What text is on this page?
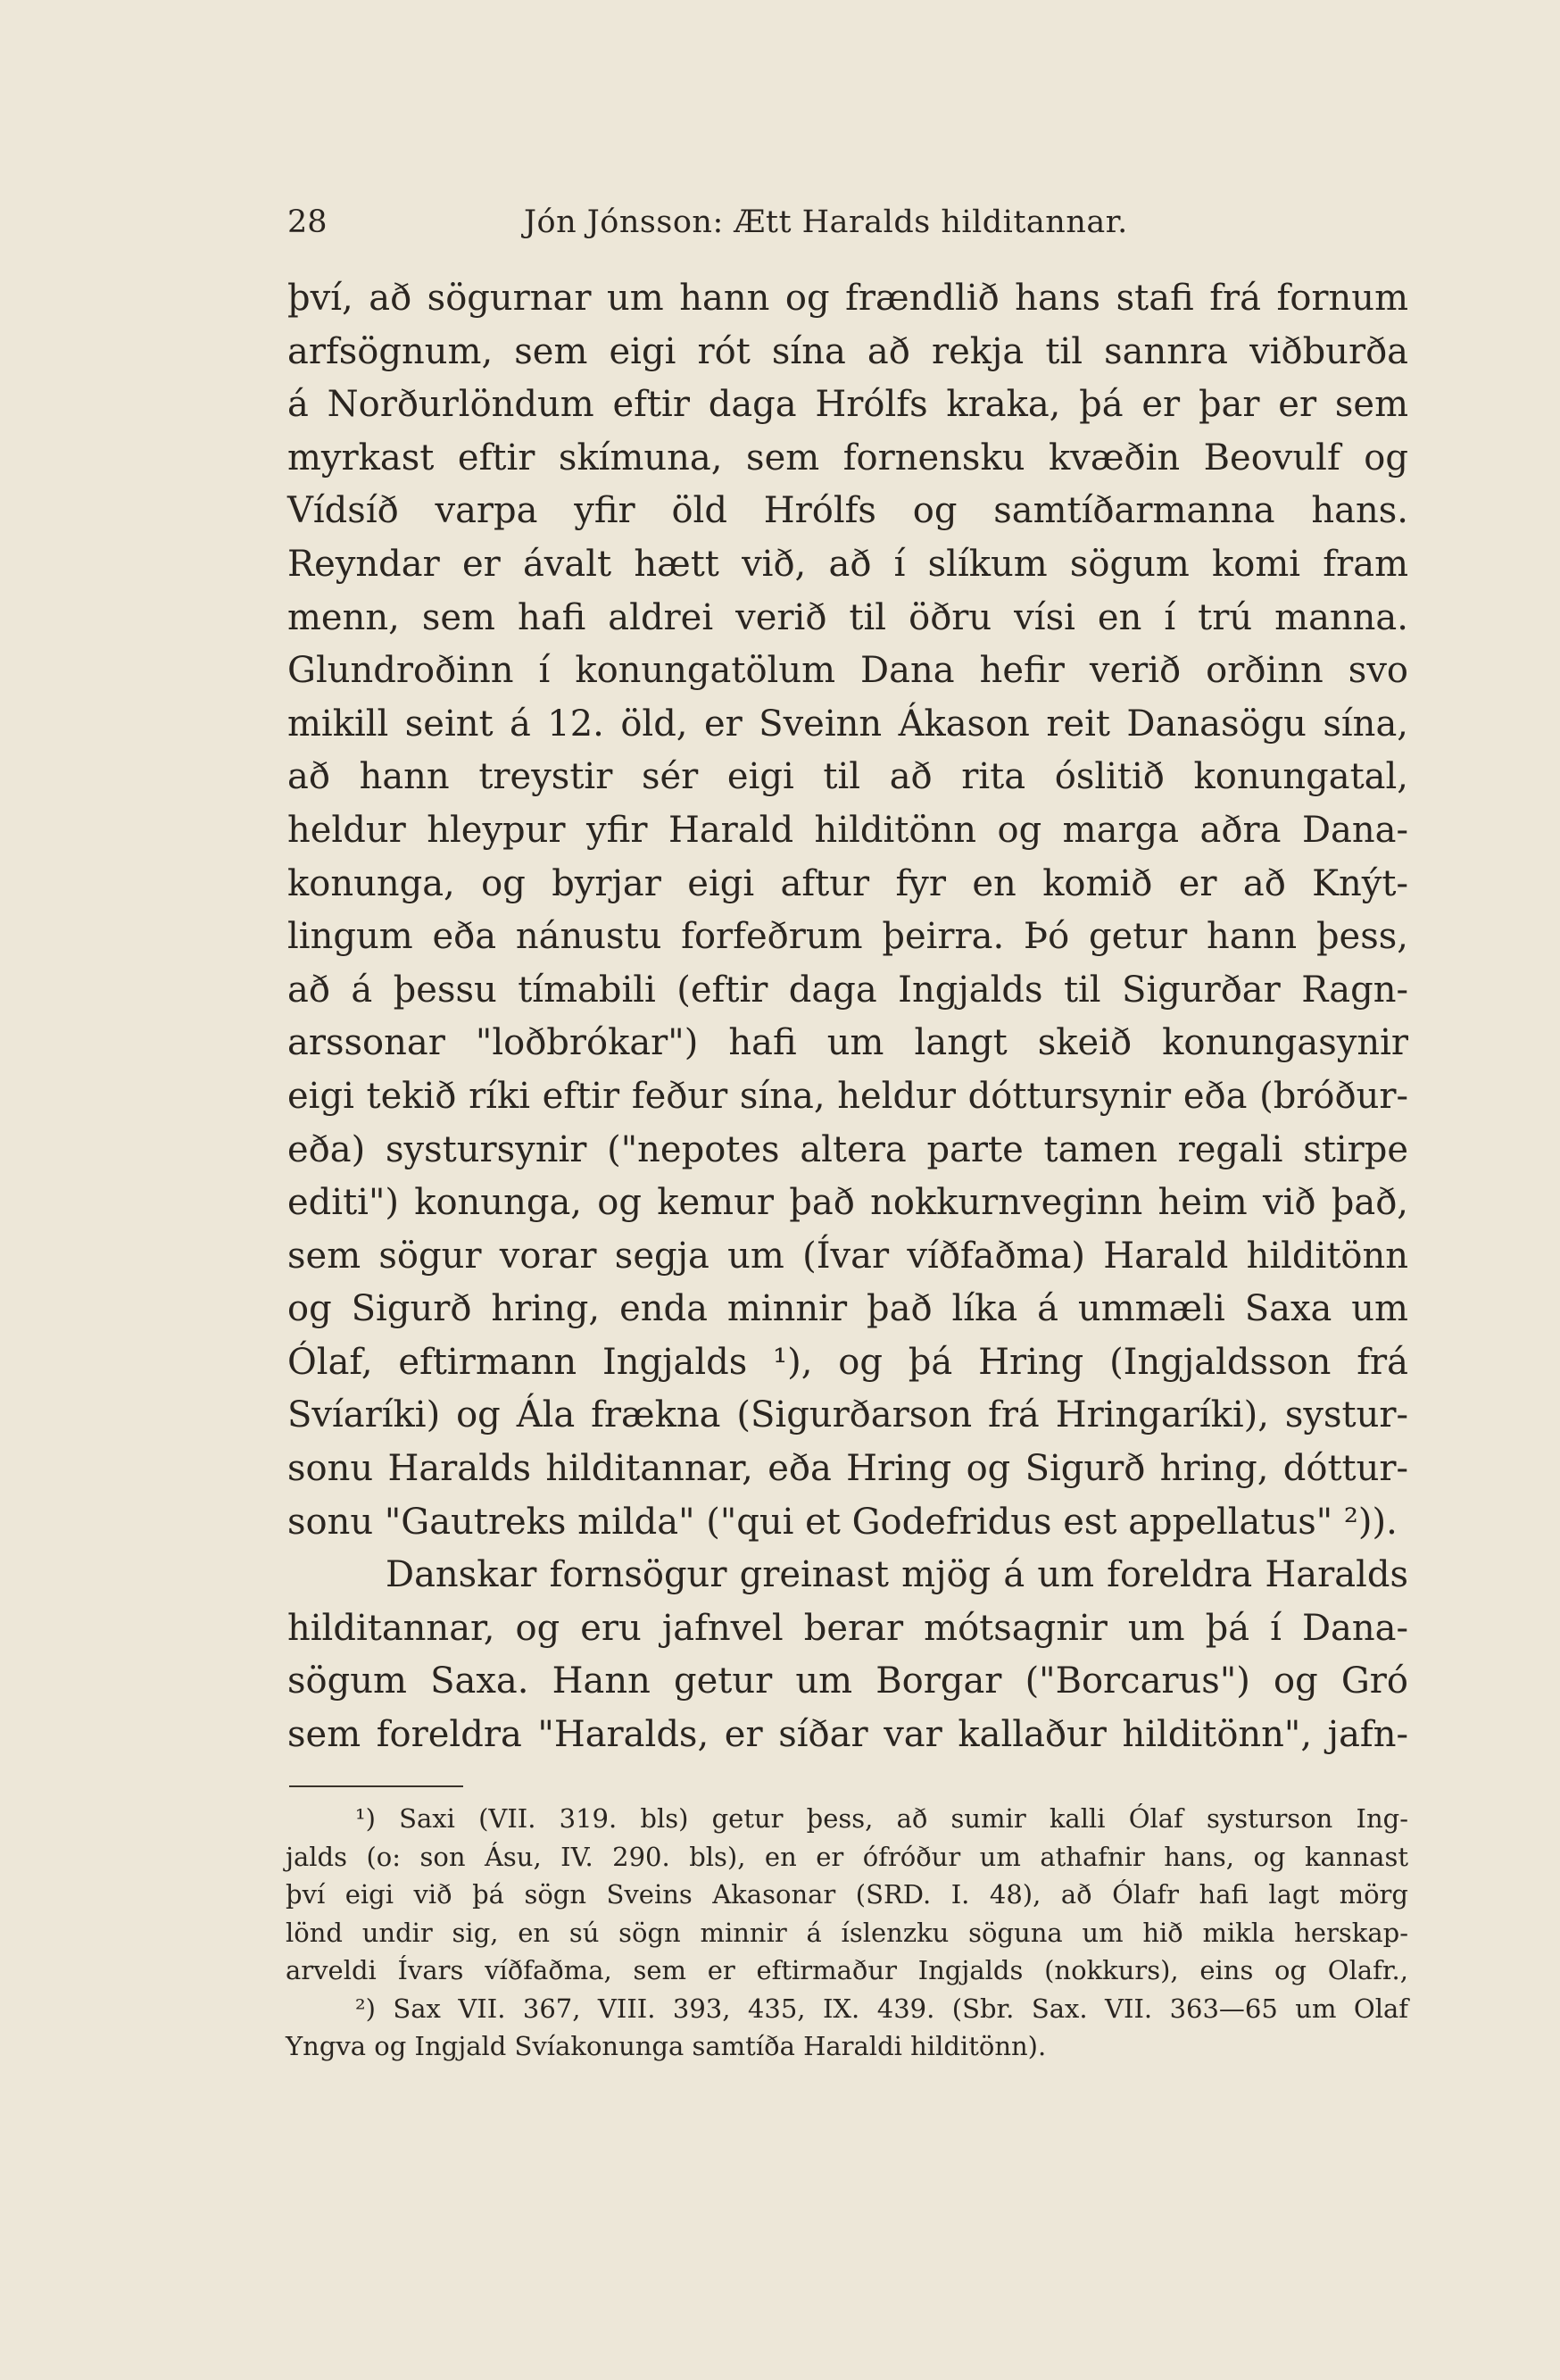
28	Jón Jónsson: Ætt Haralds hilditannar.
því, að sögurnar um hann og frændlið hans stafi frá fornum
arfsögnum, sem eigi rót sína að rekja til sannra viðburða
á Norðurlöndum eftir daga Hrólfs kraka, þá er þar er sem
myrkast eftir skímuna, sem fornensku kvæðin Beovulf og
Vídsíð varpa yfir öld Hrólfs og samtíðarmanna hans.
Reyndar er ávalt hætt við, að í slíkum sögum komi fram
menn, sem hafi aldrei verið til öðru vísi en í trú manna.
Glundroðinn í konungatölum Dana hefir verið orðinn svo
mikill seint á 12. öld, er Sveinn Ákason reit Danasögu sína,
að hann treystir sér eigi til að rita óslitið konungatal,
heldur hleypur yfir Harald hilditönn og marga aðra Dana-
konunga, og byrjar eigi aftur fyr en komið er að Knýt-
lingum eða nánustu forfeðrum þeirra. Þó getur hann þess,
að á þessu tímabili (eftir daga Ingjalds til Sigurðar Ragn-
arssonar "loðbrókar") hafi um langt skeið konungasynir
eigi tekið ríki eftir feður sína, heldur dóttursynir eða (bróður-
eða) systursynir ("nepotes altera parte tamen regali stirpe
editi") konunga, og kemur það nokkurnveginn heim við það,
sem sögur vorar segja um (Ívar víðfaðma) Harald hilditönn
og Sigurð hring, enda minnir það líka á ummæli Saxa um
Ólaf, eftirmann Ingjalds ¹), og þá Hring (Ingjaldsson frá
Svíaríki) og Ála frækna (Sigurðarson frá Hringaríki), systur-
sonu Haralds hilditannar, eða Hring og Sigurð hring, dóttur-
sonu "Gautreks milda" ("qui et Godefridus est appellatus" ²)).
Danskar fornsögur greinast mjög á um foreldra Haralds
hilditannar, og eru jafnvel berar mótsagnir um þá í Dana-
sögum Saxa. Hann getur um Borgar ("Borcarus") og Gró
sem foreldra "Haralds, er síðar var kallaður hilditönn", jafn-
¹) Saxi (VII. 319. bls) getur þess, að sumir kalli Ólaf systurson Ing-
jalds (o: son Ásu, IV. 290. bls), en er ófróður um athafnir hans, og kannast
því eigi við þá sögn Sveins Akasonar (SRD. I. 48), að Ólafr hafi lagt mörg
lönd undir sig, en sú sögn minnir á íslenzku söguna um hið mikla herskap-
arveldi Ívars víðfaðma, sem er eftirmaður Ingjalds (nokkurs), eins og Olafr.,
²) Sax VII. 367, VIII. 393, 435, IX. 439. (Sbr. Sax. VII. 363—65 um Olaf
Yngva og Ingjald Svíakonunga samtíða Haraldi hilditönn).
